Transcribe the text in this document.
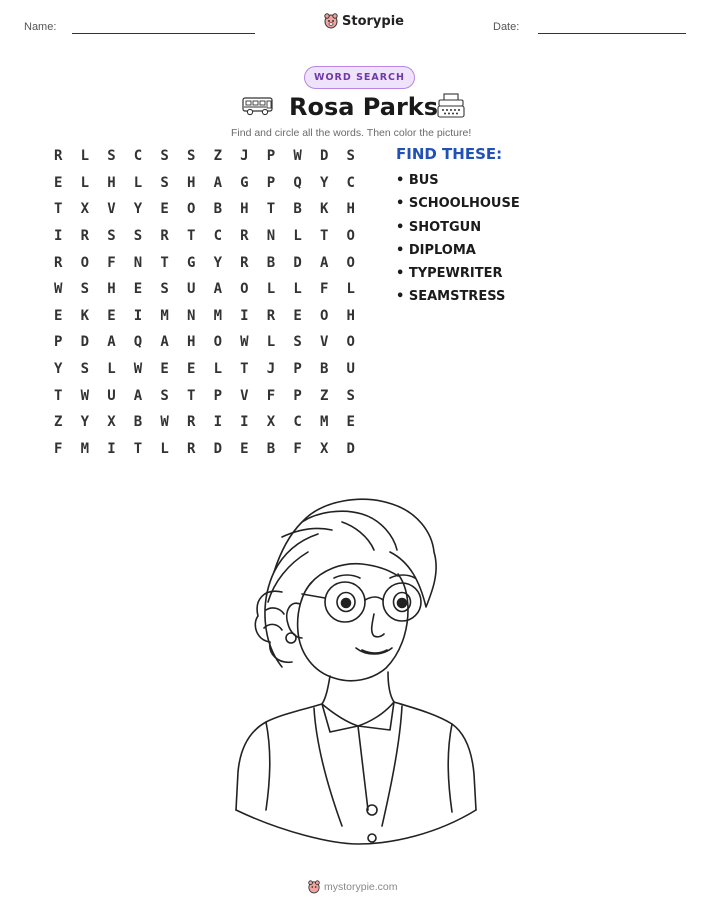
Name:	Storypie	Date:
WORD SEARCH
Rosa Parks
Find and circle all the words. Then color the picture!
R	L	S	C	S	S	Z	J	P	W	D	S
E	L	H	L	S	H	A	G	P	Q	Y	C
T	X	V	Y	E	O	B	H	T	B	K	H
I	R	S	S	R	T	C	R	N	L	T	O
R	O	F	N	T	G	Y	R	B	D	A	O
W	S	H	E	S	U	A	O	L	L	F	L
E	K	E	I	M	N	M	I	R	E	O	H
P	D	A	Q	A	H	O	W	L	S	V	O
Y	S	L	W	E	E	L	T	J	P	B	U
T	W	U	A	S	T	P	V	F	P	Z	S
Z	Y	X	B	W	R	I	I	X	C	M	E
F	M	I	T	L	R	D	E	B	F	X	D
FIND THESE:
• BUS
• SCHOOLHOUSE
• SHOTGUN
• DIPLOMA
• TYPEWRITER
• SEAMSTRESS
mystorypie.com
